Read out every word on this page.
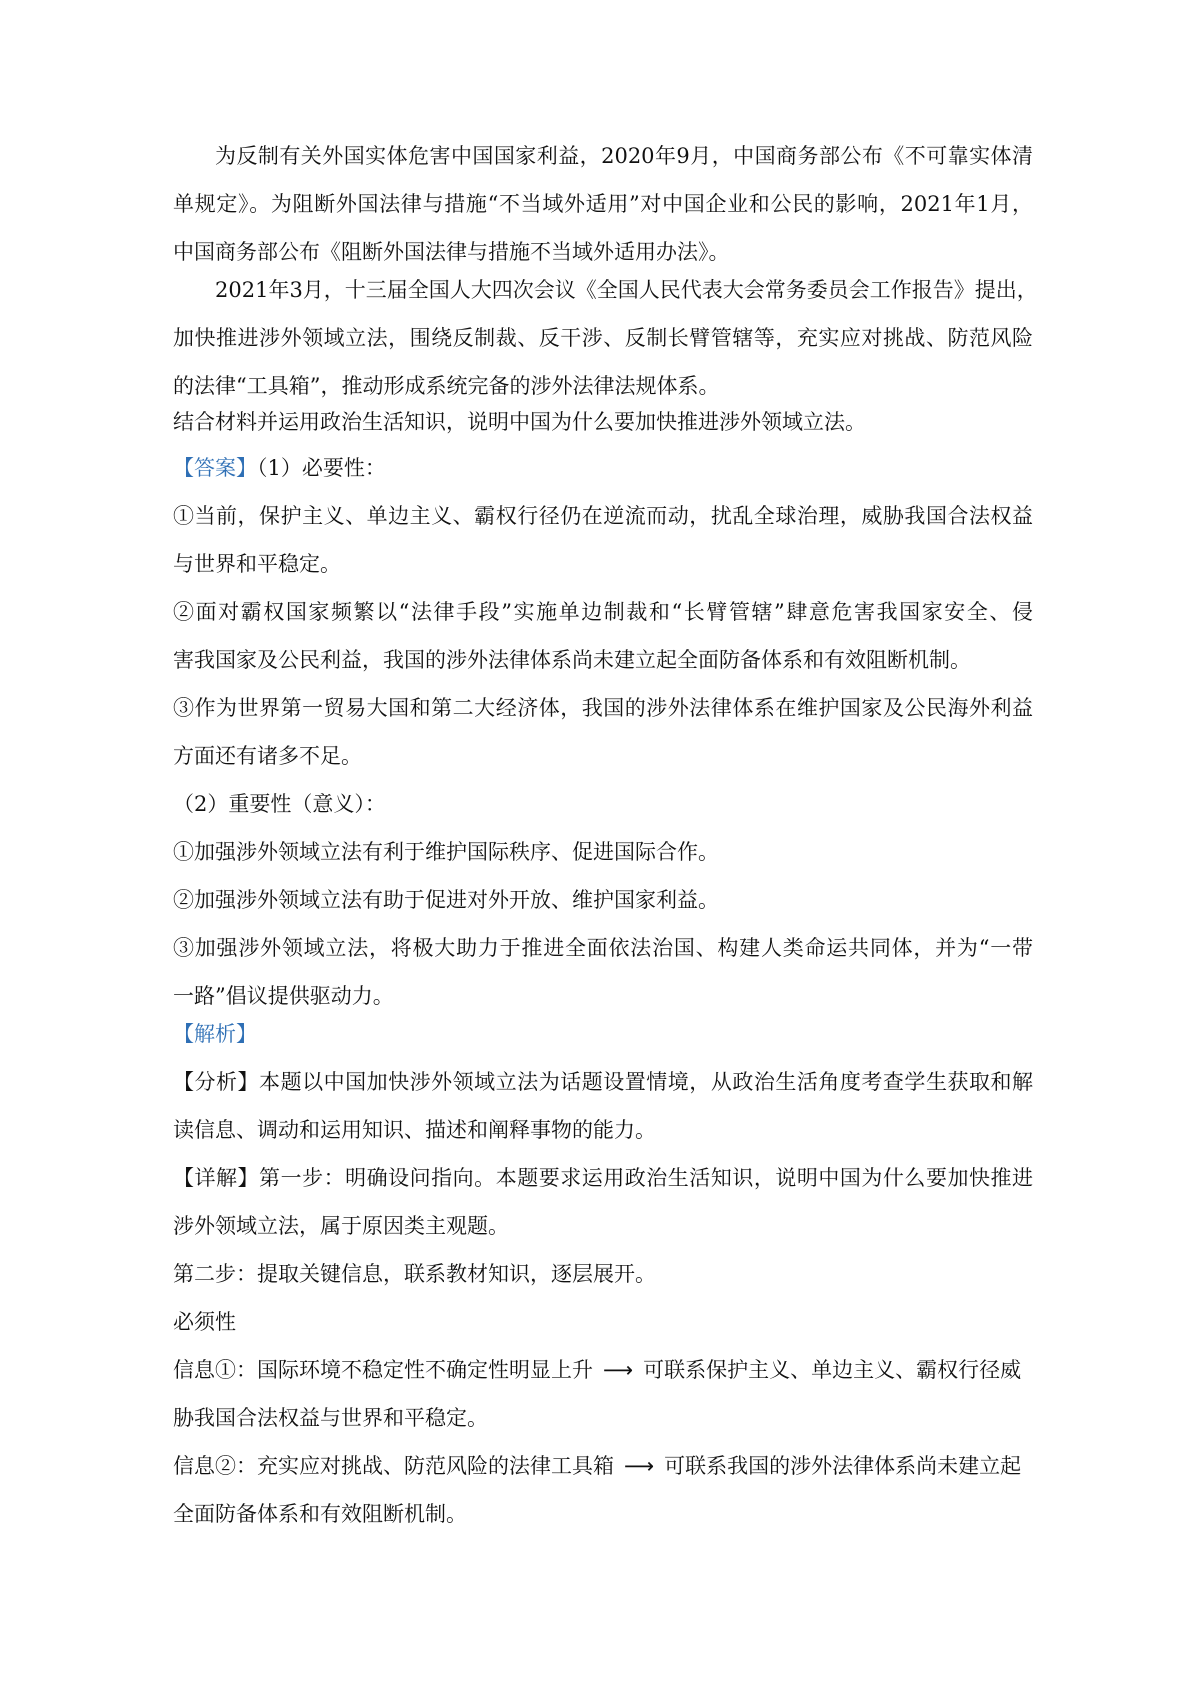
为反制有关外国实体危害中国国家利益，2020年9月，中国商务部公布《不可靠实体清
单规定》。为阻断外国法律与措施“不当域外适用”对中国企业和公民的影响，2021年1月，
中国商务部公布《阻断外国法律与措施不当域外适用办法》。
2021年3月，十三届全国人大四次会议《全国人民代表大会常务委员会工作报告》提出，
加快推进涉外领域立法，围绕反制裁、反干涉、反制长臂管辖等，充实应对挑战、防范风险
的法律“工具箱”，推动形成系统完备的涉外法律法规体系。
结合材料并运用政治生活知识，说明中国为什么要加快推进涉外领域立法。
【答案】（1）必要性：
①当前，保护主义、单边主义、霸权行径仍在逆流而动，扰乱全球治理，威胁我国合法权益
与世界和平稳定。
②面对霸权国家频繁以“法律手段”实施单边制裁和“长臂管辖”肆意危害我国家安全、侵
害我国家及公民利益，我国的涉外法律体系尚未建立起全面防备体系和有效阻断机制。
③作为世界第一贸易大国和第二大经济体，我国的涉外法律体系在维护国家及公民海外利益
方面还有诸多不足。
（2）重要性（意义）：
①加强涉外领域立法有利于维护国际秩序、促进国际合作。
②加强涉外领域立法有助于促进对外开放、维护国家利益。
③加强涉外领域立法，将极大助力于推进全面依法治国、构建人类命运共同体，并为“一带
一路”倡议提供驱动力。
【解析】
【分析】本题以中国加快涉外领域立法为话题设置情境，从政治生活角度考查学生获取和解
读信息、调动和运用知识、描述和阐释事物的能力。
【详解】第一步：明确设问指向。本题要求运用政治生活知识，说明中国为什么要加快推进
涉外领域立法，属于原因类主观题。
第二步：提取关键信息，联系教材知识，逐层展开。
必须性
信息①：国际环境不稳定性不确定性明显上升 ⟶ 可联系保护主义、单边主义、霸权行径威
胁我国合法权益与世界和平稳定。
信息②：充实应对挑战、防范风险的法律工具箱 ⟶ 可联系我国的涉外法律体系尚未建立起
全面防备体系和有效阻断机制。
